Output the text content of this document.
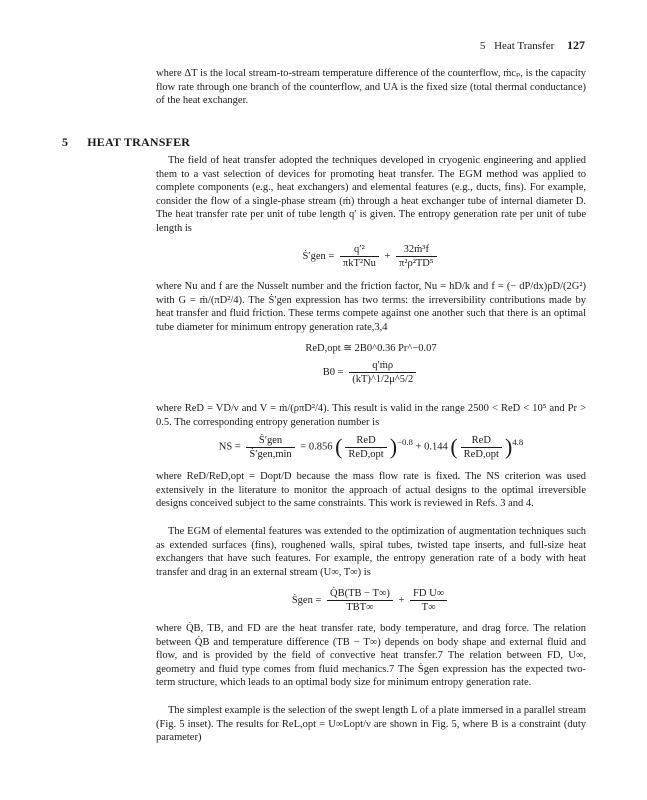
5 Heat Transfer 127
where ΔT is the local stream-to-stream temperature difference of the counterflow, ṁcₚ, is the capacity flow rate through one branch of the counterflow, and UA is the fixed size (total thermal conductance) of the heat exchanger.
5 HEAT TRANSFER
The field of heat transfer adopted the techniques developed in cryogenic engineering and applied them to a vast selection of devices for promoting heat transfer. The EGM method was applied to complete components (e.g., heat exchangers) and elemental features (e.g., ducts, fins). For example, consider the flow of a single-phase stream (ṁ) through a heat exchanger tube of internal diameter D. The heat transfer rate per unit of tube length q′ is given. The entropy generation rate per unit of tube length is
Ṡ′gen = $\frac{\text{q′²}}{\text{πkT²Nu}} + \frac{\text{32ṁ³f}}{\text{π²ρ²TD⁵}}$
where Nu and f are the Nusselt number and the friction factor, Nu = hD/k and f = (− dP/dx)ρD/(2G²) with G = ṁ/(πD²/4). The Ṡ′gen expression has two terms: the irreversibility contributions made by heat transfer and fluid friction. These terms compete against one another such that there is an optimal tube diameter for minimum entropy generation rate,3,4
ReD,opt ≅ 2B0^0.36 Pr^−0.07
$B0 = \frac{\text{q′ṁρ}}{(kT)\^{}1/2\mu\^{}5/2}$
where ReD = VD/ν and V = ṁ/(ρπD²/4). This result is valid in the range 2500 < ReD < 10⁵ and Pr > 0.5. The corresponding entropy generation number is
NS = $\frac{\text{Ṡ′gen}}{\text{Ṡ′gen,min}} = 0.856$ ( $\frac{\text{ReD}}{\text{ReD,opt}} )^{-0.8} + 0.144$ ( $\frac{\text{ReD}}{\text{ReD,opt}} )^{4.8}$
where ReD/ReD,opt = Dopt/D because the mass flow rate is fixed. The NS criterion was used extensively in the literature to monitor the approach of actual designs to the optimal irreversible designs conceived subject to the same constraints. This work is reviewed in Refs. 3 and 4.
The EGM of elemental features was extended to the optimization of augmentation techniques such as extended surfaces (fins), roughened walls, spiral tubes, twisted tape inserts, and full-size heat exchangers that have such features. For example, the entropy generation rate of a body with heat transfer and drag in an external stream (U∞, T∞) is
Ṡgen = $\frac{Q̇B(TB - T\infty)}{\text{TBT∞}} + \frac{\text{FD U∞}}{T\infty}$
where Q̇B, TB, and FD are the heat transfer rate, body temperature, and drag force. The relation between Q̇B and temperature difference (TB − T∞) depends on body shape and external fluid and flow, and is provided by the field of convective heat transfer.7 The relation between FD, U∞, geometry and fluid type comes from fluid mechanics.7 The Ṡgen expression has the expected two-term structure, which leads to an optimal body size for minimum entropy generation rate.
The simplest example is the selection of the swept length L of a plate immersed in a parallel stream (Fig. 5 inset). The results for ReL,opt = U∞Lopt/ν are shown in Fig. 5, where B is a constraint (duty parameter)
